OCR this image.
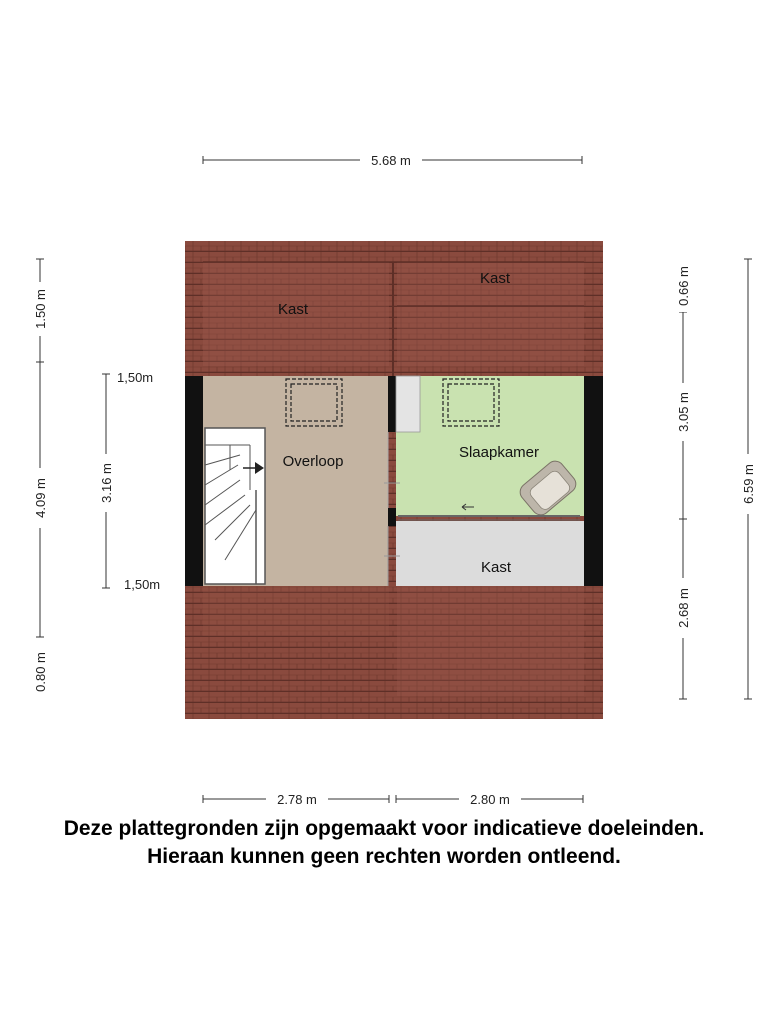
5.68 m
Kast
Kast
Overloop
Slaapkamer
Kast
1.50 m
4.09 m
0.80 m
3.16 m
1,50m
1,50m
0.66 m
3.05 m
2.68 m
6.59 m
2.78 m	2.80 m
Deze plattegronden zijn opgemaakt voor indicatieve doeleinden.
Hieraan kunnen geen rechten worden ontleend.
